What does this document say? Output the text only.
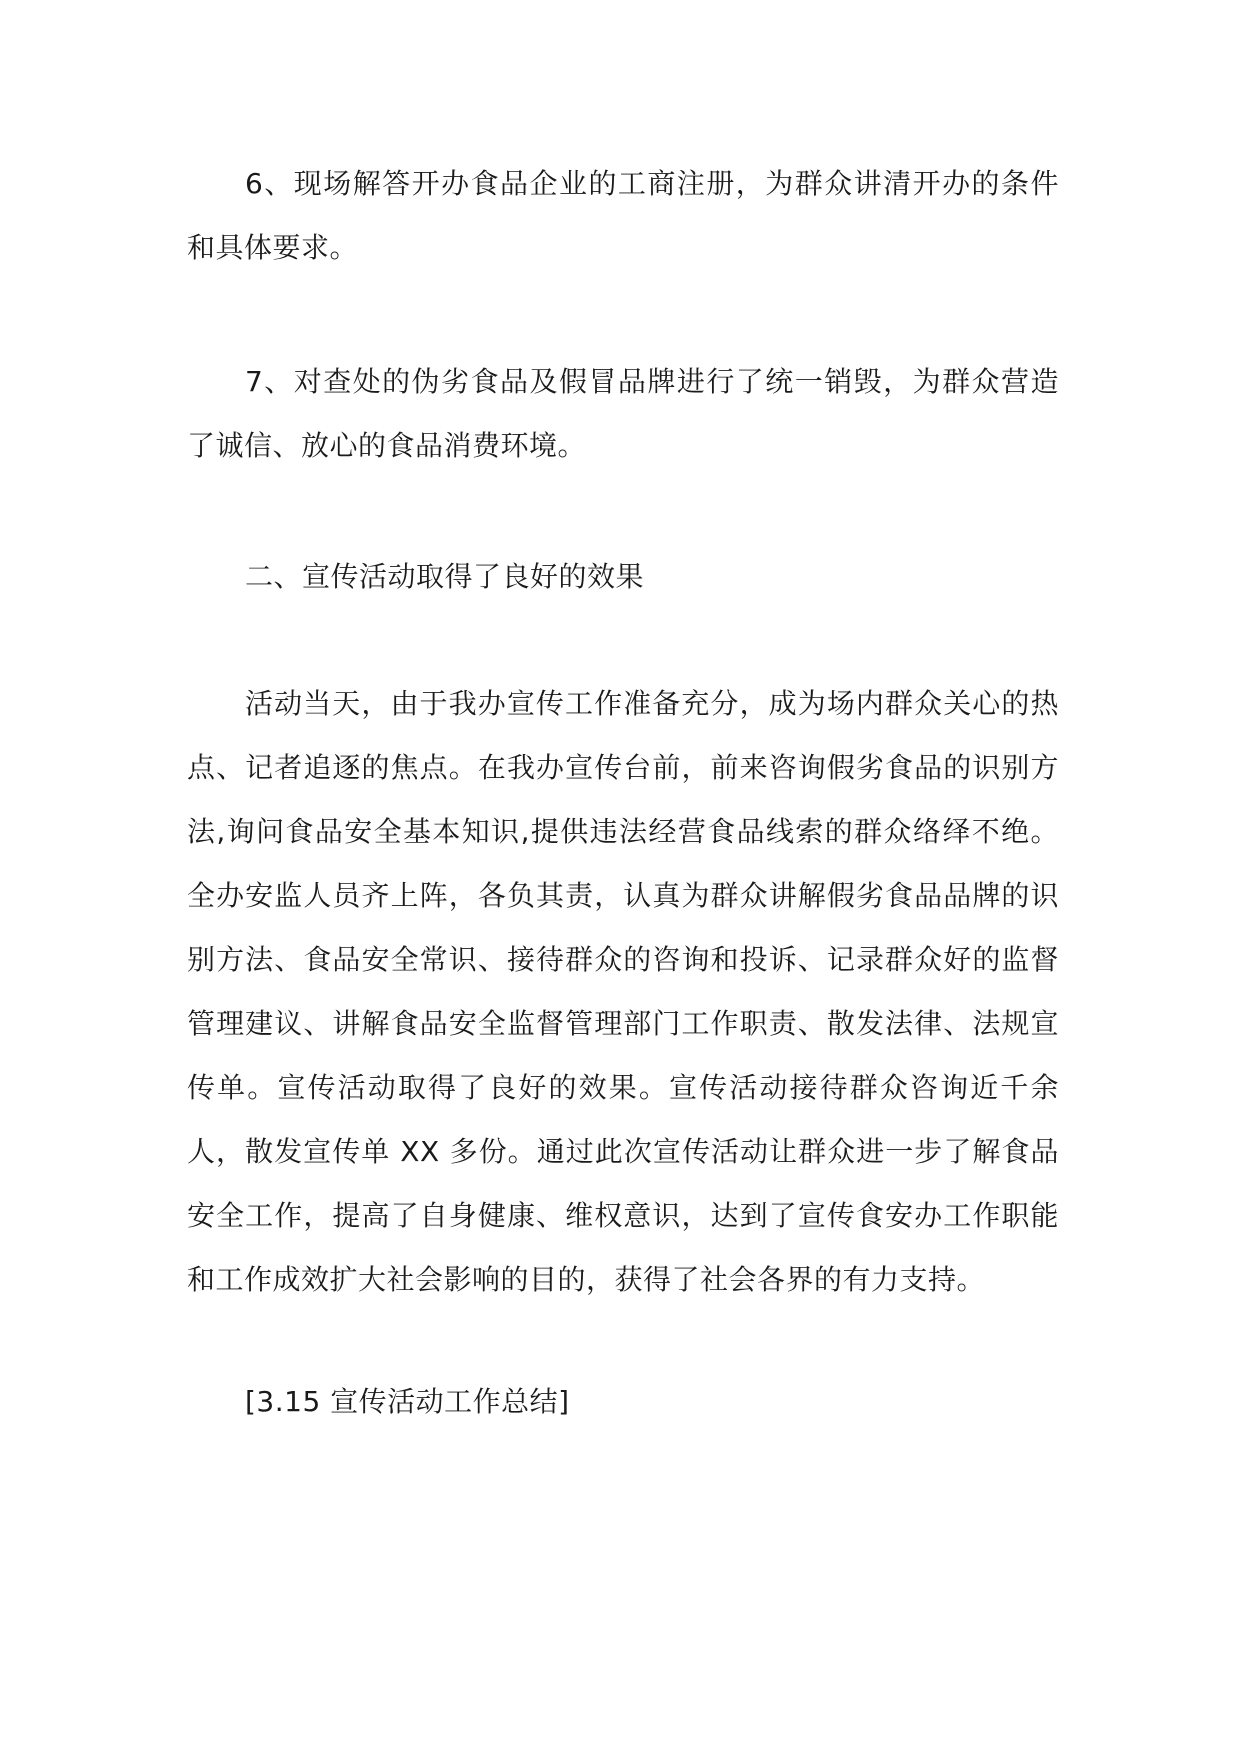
6、现场解答开办食品企业的工商注册，为群众讲清开办的条件和具体要求。

7、对查处的伪劣食品及假冒品牌进行了统一销毁，为群众营造了诚信、放心的食品消费环境。

二、宣传活动取得了良好的效果

活动当天，由于我办宣传工作准备充分，成为场内群众关心的热点、记者追逐的焦点。在我办宣传台前，前来咨询假劣食品的识别方法,询问食品安全基本知识,提供违法经营食品线索的群众络绎不绝。全办安监人员齐上阵，各负其责，认真为群众讲解假劣食品品牌的识别方法、食品安全常识、接待群众的咨询和投诉、记录群众好的监督管理建议、讲解食品安全监督管理部门工作职责、散发法律、法规宣传单。宣传活动取得了良好的效果。宣传活动接待群众咨询近千余人，散发宣传单 XX 多份。通过此次宣传活动让群众进一步了解食品安全工作，提高了自身健康、维权意识，达到了宣传食安办工作职能和工作成效扩大社会影响的目的，获得了社会各界的有力支持。

[3.15 宣传活动工作总结]
